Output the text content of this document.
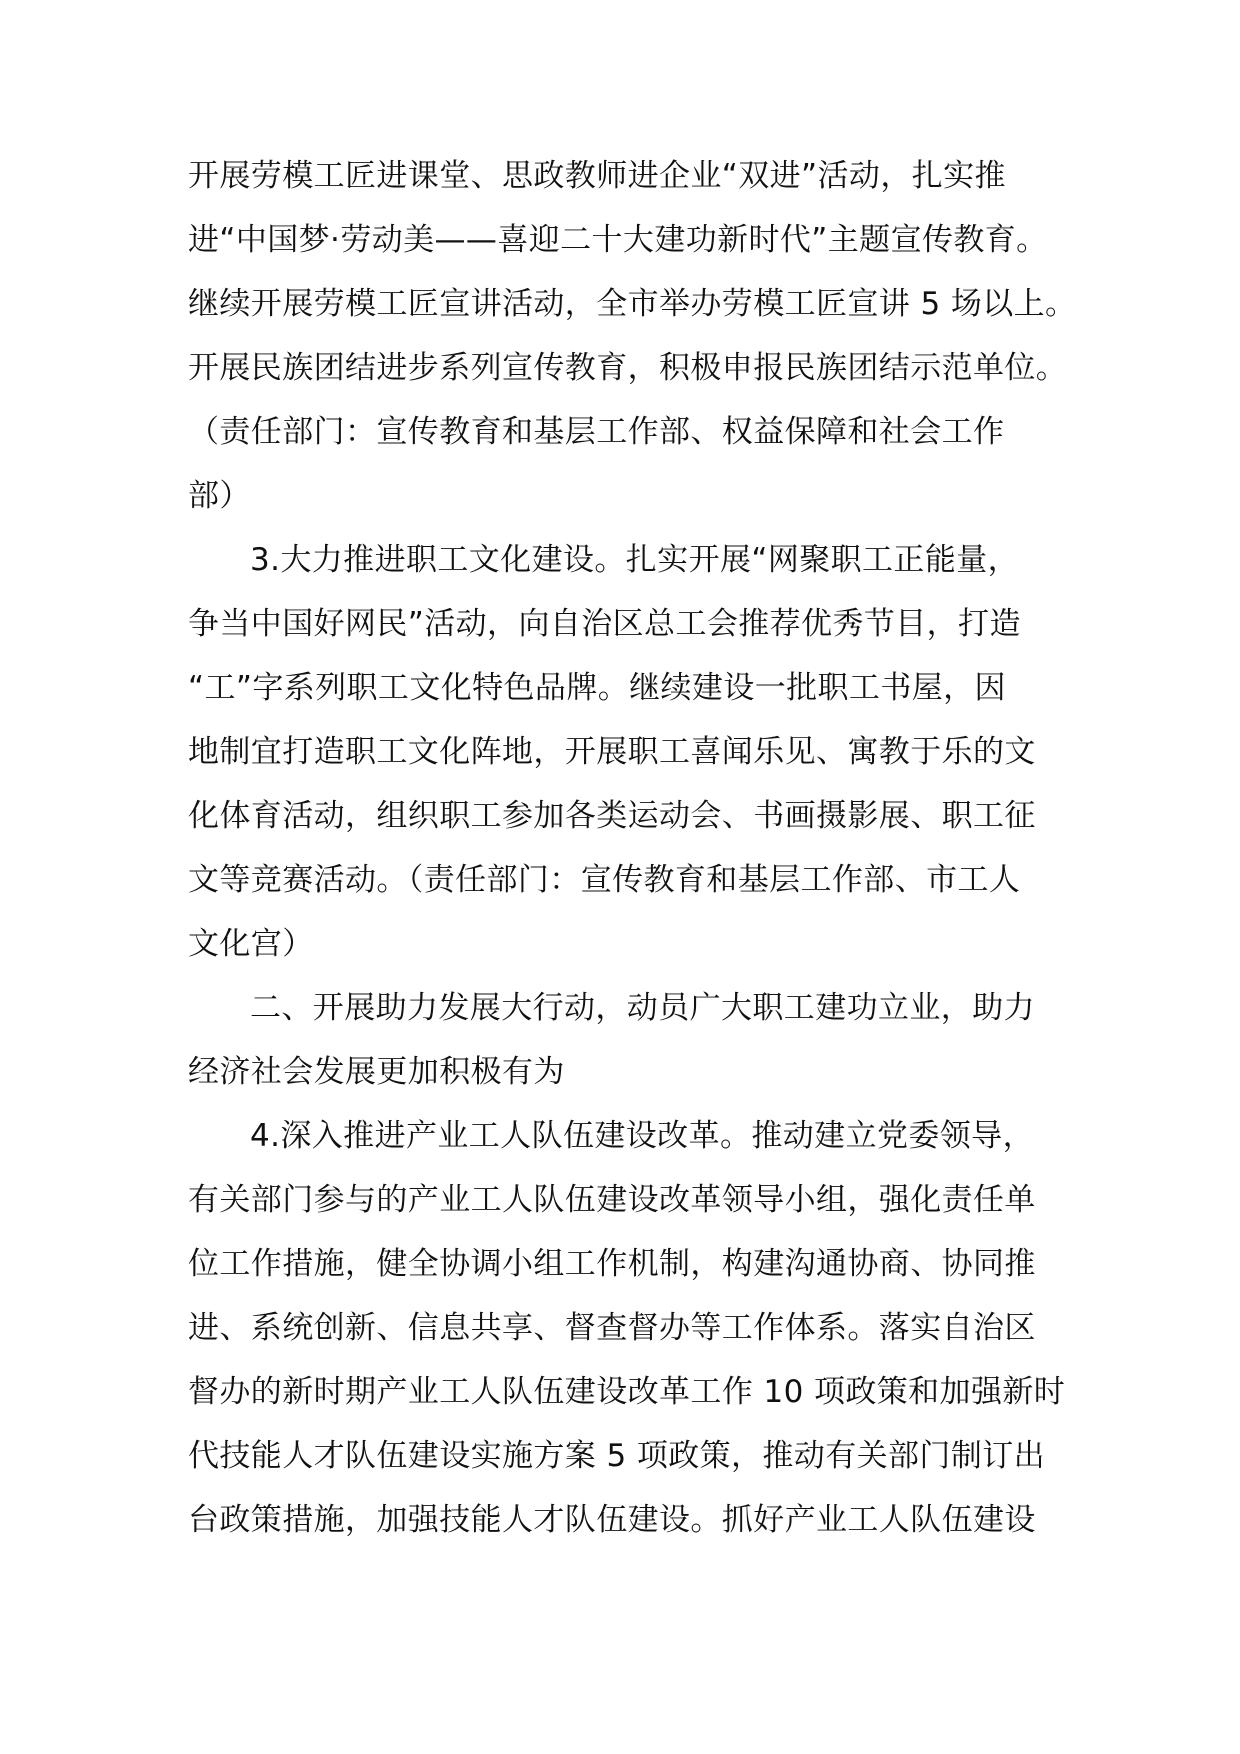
开展劳模工匠进课堂、思政教师进企业“双进”活动，扎实推
进“中国梦·劳动美——喜迎二十大建功新时代”主题宣传教育。
继续开展劳模工匠宣讲活动，全市举办劳模工匠宣讲 5 场以上。
开展民族团结进步系列宣传教育，积极申报民族团结示范单位。
（责任部门：宣传教育和基层工作部、权益保障和社会工作
部）
3.大力推进职工文化建设。扎实开展“网聚职工正能量，
争当中国好网民”活动，向自治区总工会推荐优秀节目，打造
“工”字系列职工文化特色品牌。继续建设一批职工书屋，因
地制宜打造职工文化阵地，开展职工喜闻乐见、寓教于乐的文
化体育活动，组织职工参加各类运动会、书画摄影展、职工征
文等竞赛活动。（责任部门：宣传教育和基层工作部、市工人
文化宫）
二、开展助力发展大行动，动员广大职工建功立业，助力
经济社会发展更加积极有为
4.深入推进产业工人队伍建设改革。推动建立党委领导，
有关部门参与的产业工人队伍建设改革领导小组，强化责任单
位工作措施，健全协调小组工作机制，构建沟通协商、协同推
进、系统创新、信息共享、督查督办等工作体系。落实自治区
督办的新时期产业工人队伍建设改革工作 10 项政策和加强新时
代技能人才队伍建设实施方案 5 项政策，推动有关部门制订出
台政策措施，加强技能人才队伍建设。抓好产业工人队伍建设
